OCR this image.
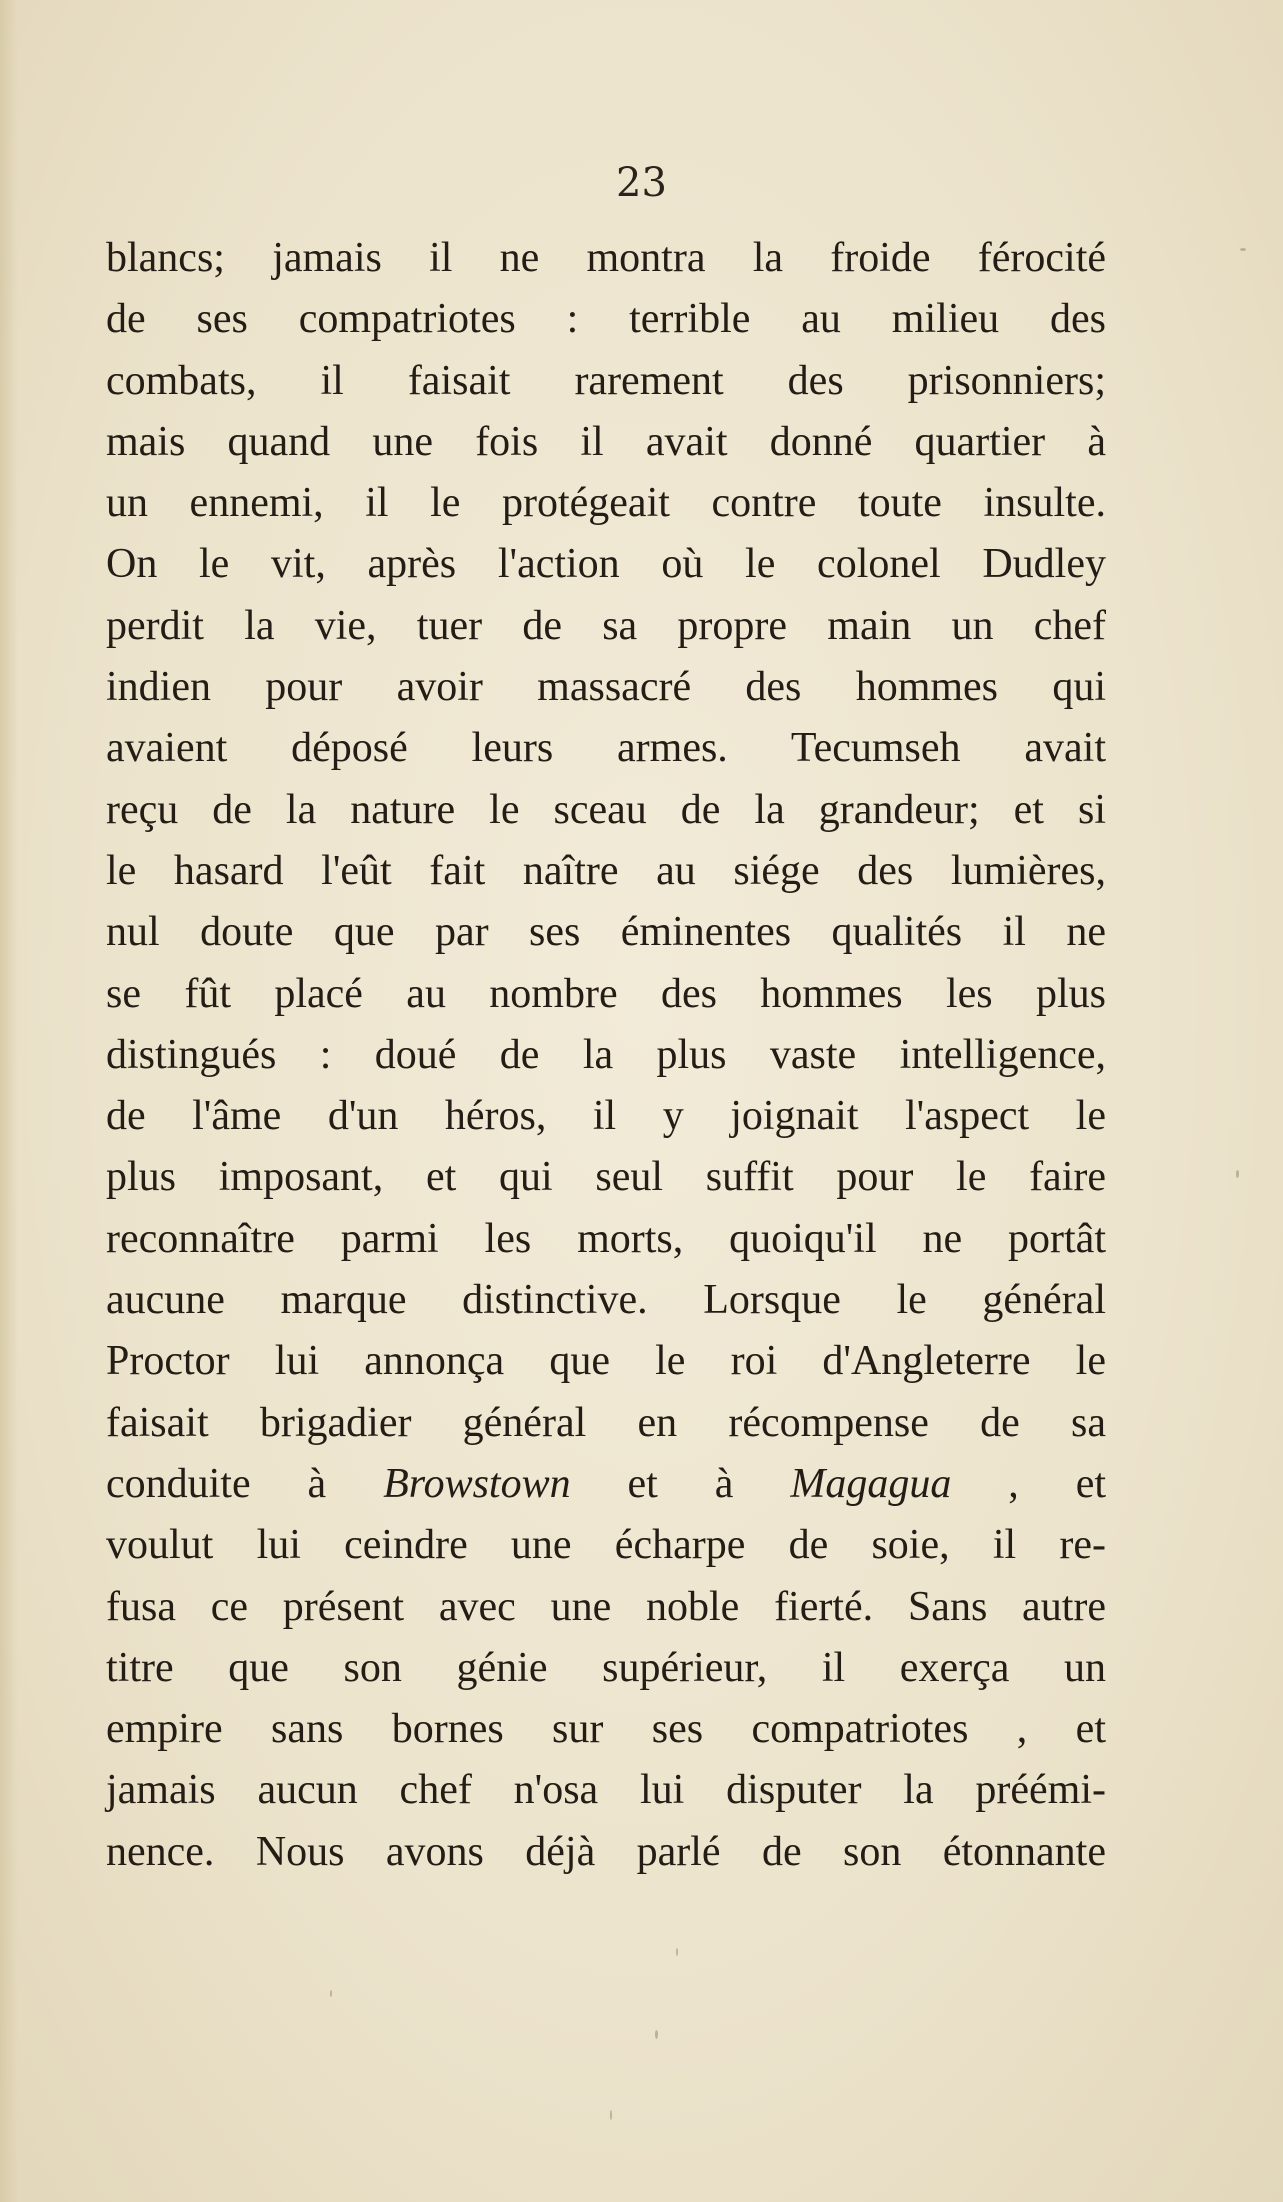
23

blancs; jamais il ne montra la froide férocité
de ses compatriotes : terrible au milieu des
combats, il faisait rarement des prisonniers;
mais quand une fois il avait donné quartier à
un ennemi, il le protégeait contre toute insulte.
On le vit, après l'action où le colonel Dudley
perdit la vie, tuer de sa propre main un chef
indien pour avoir massacré des hommes qui
avaient déposé leurs armes. Tecumseh avait
reçu de la nature le sceau de la grandeur; et si
le hasard l'eût fait naître au siége des lumières,
nul doute que par ses éminentes qualités il ne
se fût placé au nombre des hommes les plus
distingués : doué de la plus vaste intelligence,
de l'âme d'un héros, il y joignait l'aspect le
plus imposant, et qui seul suffit pour le faire
reconnaître parmi les morts, quoiqu'il ne portât
aucune marque distinctive. Lorsque le général
Proctor lui annonça que le roi d'Angleterre le
faisait brigadier général en récompense de sa
conduite à Browstown et à Magagua , et
voulut lui ceindre une écharpe de soie, il re-
fusa ce présent avec une noble fierté. Sans autre
titre que son génie supérieur, il exerça un
empire sans bornes sur ses compatriotes , et
jamais aucun chef n'osa lui disputer la préémi-
nence. Nous avons déjà parlé de son étonnante
